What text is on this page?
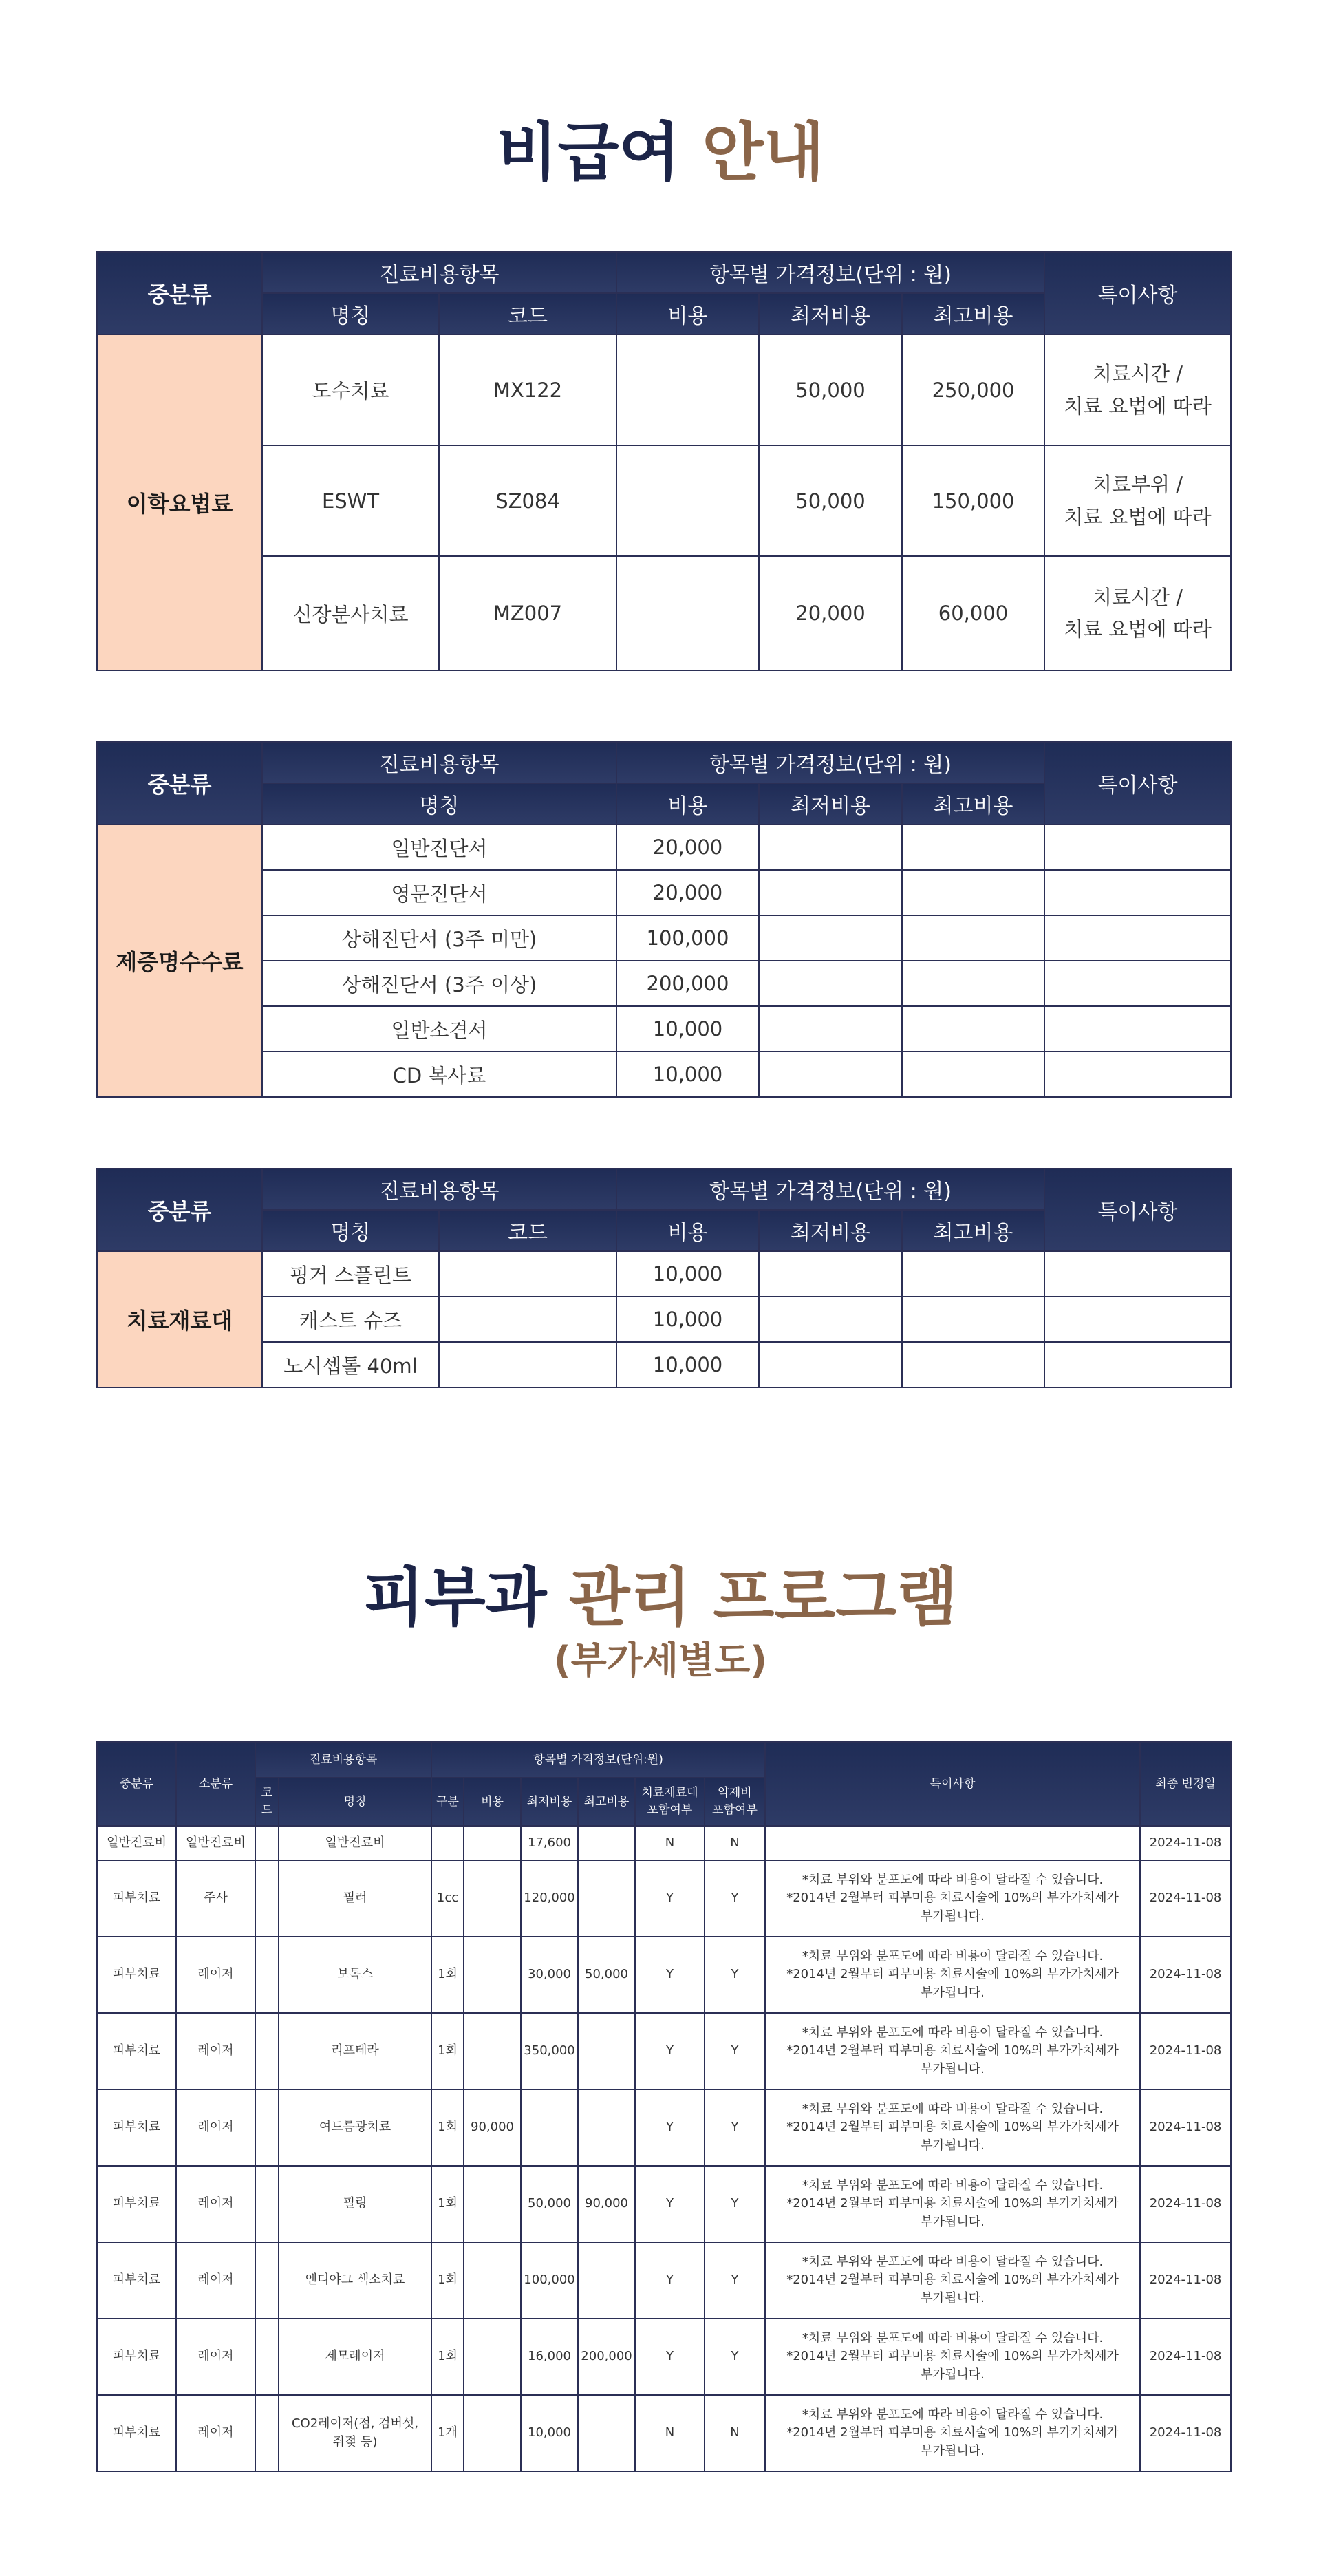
비급여 안내
중분류	진료비용항목		항목별 가격정보(단위 : 원)			특이사항
	명칭	코드	비용	최저비용	최고비용	
이학요법료	도수치료	MX122		50,000	250,000	치료시간 /
치료 요법에 따라
	ESWT	SZ084		50,000	150,000	치료부위 /
치료 요법에 따라
	신장분사치료	MZ007		20,000	60,000	치료시간 /
치료 요법에 따라
중분류	진료비용항목	항목별 가격정보(단위 : 원)			특이사항
	명칭	비용	최저비용	최고비용	
제증명수수료	일반진단서	20,000			
	영문진단서	20,000			
	상해진단서 (3주 미만)	100,000			
	상해진단서 (3주 이상)	200,000			
	일반소견서	10,000			
	CD 복사료	10,000			
중분류	진료비용항목		항목별 가격정보(단위 : 원)			특이사항
	명칭	코드	비용	최저비용	최고비용	
치료재료대	핑거 스플린트		10,000			
	캐스트 슈즈		10,000			
	노시셉톨 40ml		10,000			
피부과 관리 프로그램
(부가세별도)
중분류	소분류	진료비용항목		항목별 가격정보(단위:원)						특이사항	최종 변경일
		코
드	명칭	구분	비용	최저비용	최고비용	치료재료대
포함여부	약제비
포함여부		
일반진료비	일반진료비		일반진료비			17,600		N	N		2024-11-08
피부치료	주사		필러	1cc		120,000		Y	Y	*치료 부위와 분포도에 따라 비용이 달라질 수 있습니다.
*2014년 2월부터 피부미용 치료시술에 10%의 부가가치세가
부가됩니다.	2024-11-08
피부치료	레이저		보톡스	1회		30,000	50,000	Y	Y	*치료 부위와 분포도에 따라 비용이 달라질 수 있습니다.
*2014년 2월부터 피부미용 치료시술에 10%의 부가가치세가
부가됩니다.	2024-11-08
피부치료	레이저		리프테라	1회		350,000		Y	Y	*치료 부위와 분포도에 따라 비용이 달라질 수 있습니다.
*2014년 2월부터 피부미용 치료시술에 10%의 부가가치세가
부가됩니다.	2024-11-08
피부치료	레이저		여드름광치료	1회	90,000			Y	Y	*치료 부위와 분포도에 따라 비용이 달라질 수 있습니다.
*2014년 2월부터 피부미용 치료시술에 10%의 부가가치세가
부가됩니다.	2024-11-08
피부치료	레이저		필링	1회		50,000	90,000	Y	Y	*치료 부위와 분포도에 따라 비용이 달라질 수 있습니다.
*2014년 2월부터 피부미용 치료시술에 10%의 부가가치세가
부가됩니다.	2024-11-08
피부치료	레이저		엔디야그 색소치료	1회		100,000		Y	Y	*치료 부위와 분포도에 따라 비용이 달라질 수 있습니다.
*2014년 2월부터 피부미용 치료시술에 10%의 부가가치세가
부가됩니다.	2024-11-08
피부치료	레이저		제모레이저	1회		16,000	200,000	Y	Y	*치료 부위와 분포도에 따라 비용이 달라질 수 있습니다.
*2014년 2월부터 피부미용 치료시술에 10%의 부가가치세가
부가됩니다.	2024-11-08
피부치료	레이저		CO2레이저(점, 검버섯,
쥐젖 등)	1개		10,000		N	N	*치료 부위와 분포도에 따라 비용이 달라질 수 있습니다.
*2014년 2월부터 피부미용 치료시술에 10%의 부가가치세가
부가됩니다.	2024-11-08
